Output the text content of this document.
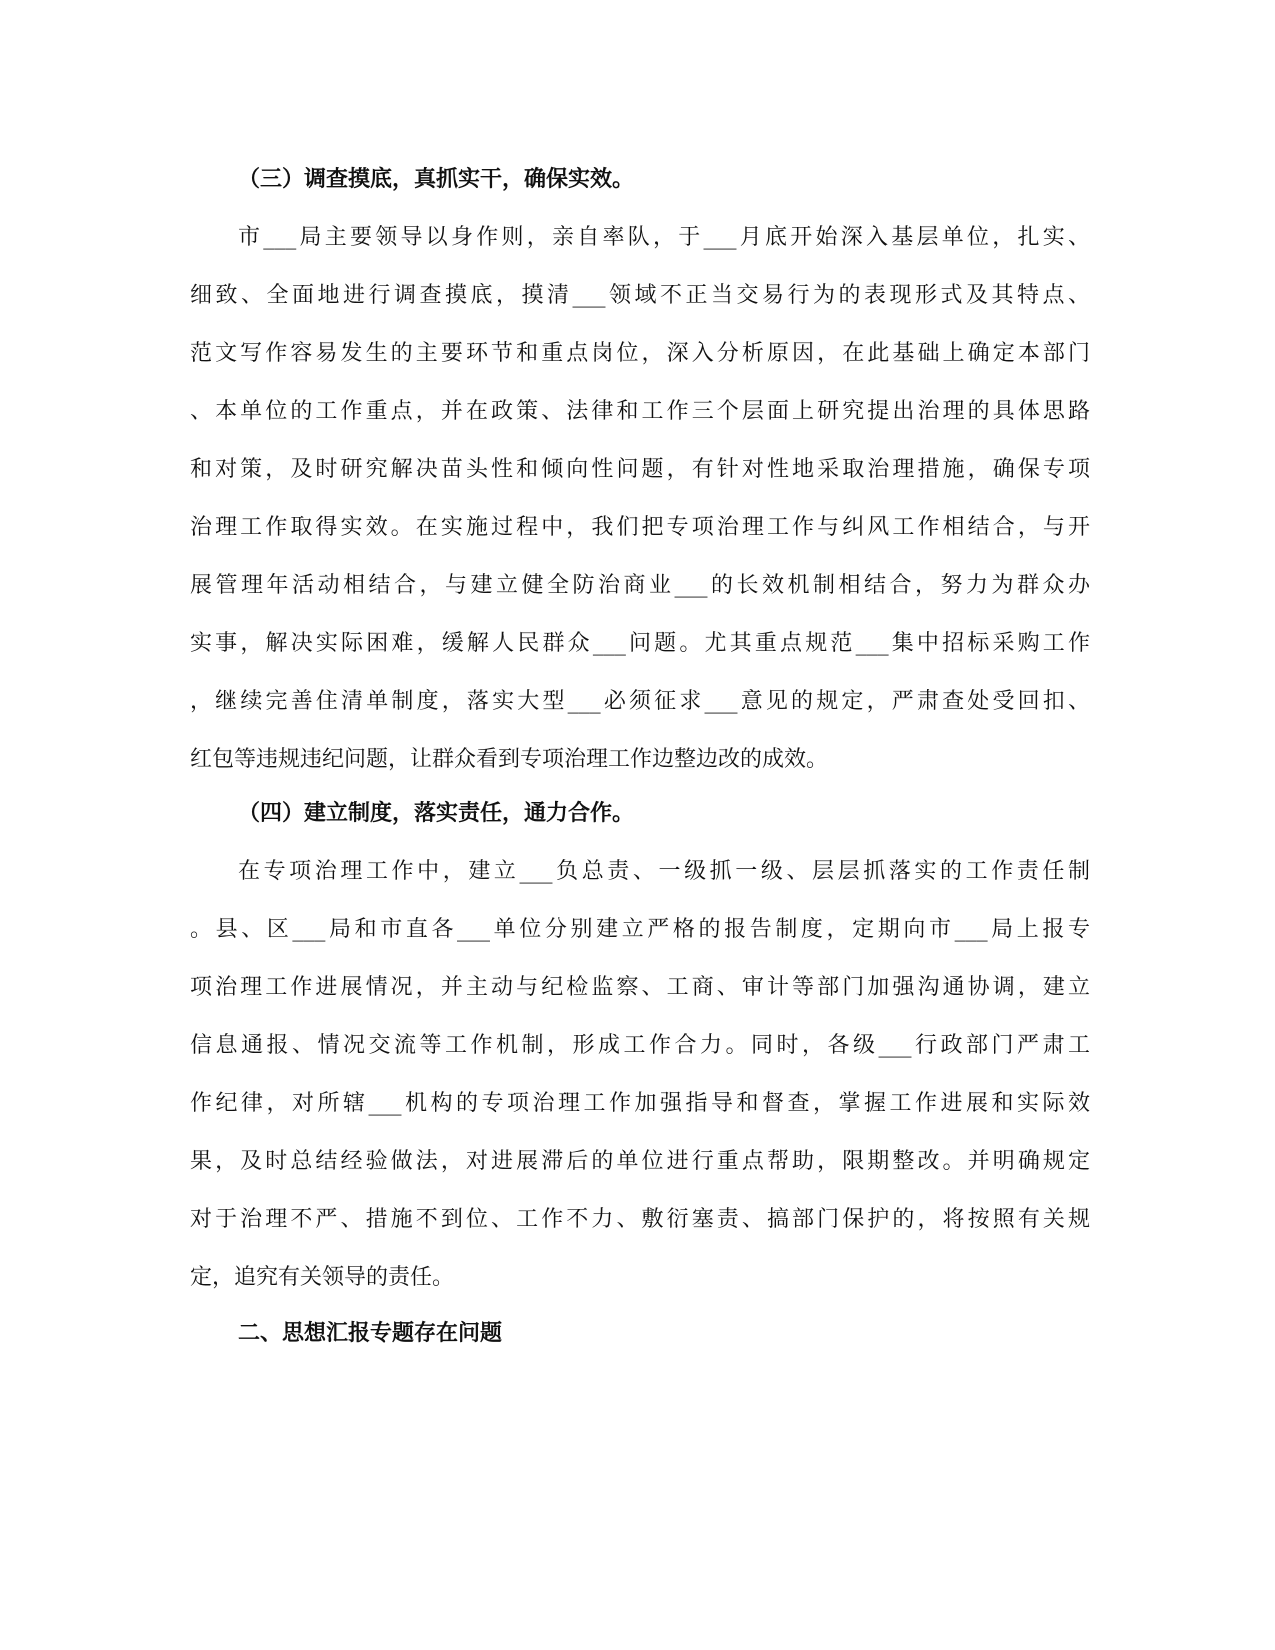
（三）调查摸底，真抓实干，确保实效。
市___局主要领导以身作则，亲自率队，于___月底开始深入基层单位，扎实、
细致、全面地进行调查摸底，摸清___领域不正当交易行为的表现形式及其特点、
范文写作容易发生的主要环节和重点岗位，深入分析原因，在此基础上确定本部门
、本单位的工作重点，并在政策、法律和工作三个层面上研究提出治理的具体思路
和对策，及时研究解决苗头性和倾向性问题，有针对性地采取治理措施，确保专项
治理工作取得实效。在实施过程中，我们把专项治理工作与纠风工作相结合，与开
展管理年活动相结合，与建立健全防治商业___的长效机制相结合，努力为群众办
实事，解决实际困难，缓解人民群众___问题。尤其重点规范___集中招标采购工作
，继续完善住清单制度，落实大型___必须征求___意见的规定，严肃查处受回扣、
红包等违规违纪问题，让群众看到专项治理工作边整边改的成效。
（四）建立制度，落实责任，通力合作。
在专项治理工作中，建立___负总责、一级抓一级、层层抓落实的工作责任制
。县、区___局和市直各___单位分别建立严格的报告制度，定期向市___局上报专
项治理工作进展情况，并主动与纪检监察、工商、审计等部门加强沟通协调，建立
信息通报、情况交流等工作机制，形成工作合力。同时，各级___行政部门严肃工
作纪律，对所辖___机构的专项治理工作加强指导和督查，掌握工作进展和实际效
果，及时总结经验做法，对进展滞后的单位进行重点帮助，限期整改。并明确规定
对于治理不严、措施不到位、工作不力、敷衍塞责、搞部门保护的，将按照有关规
定，追究有关领导的责任。
二、思想汇报专题存在问题
